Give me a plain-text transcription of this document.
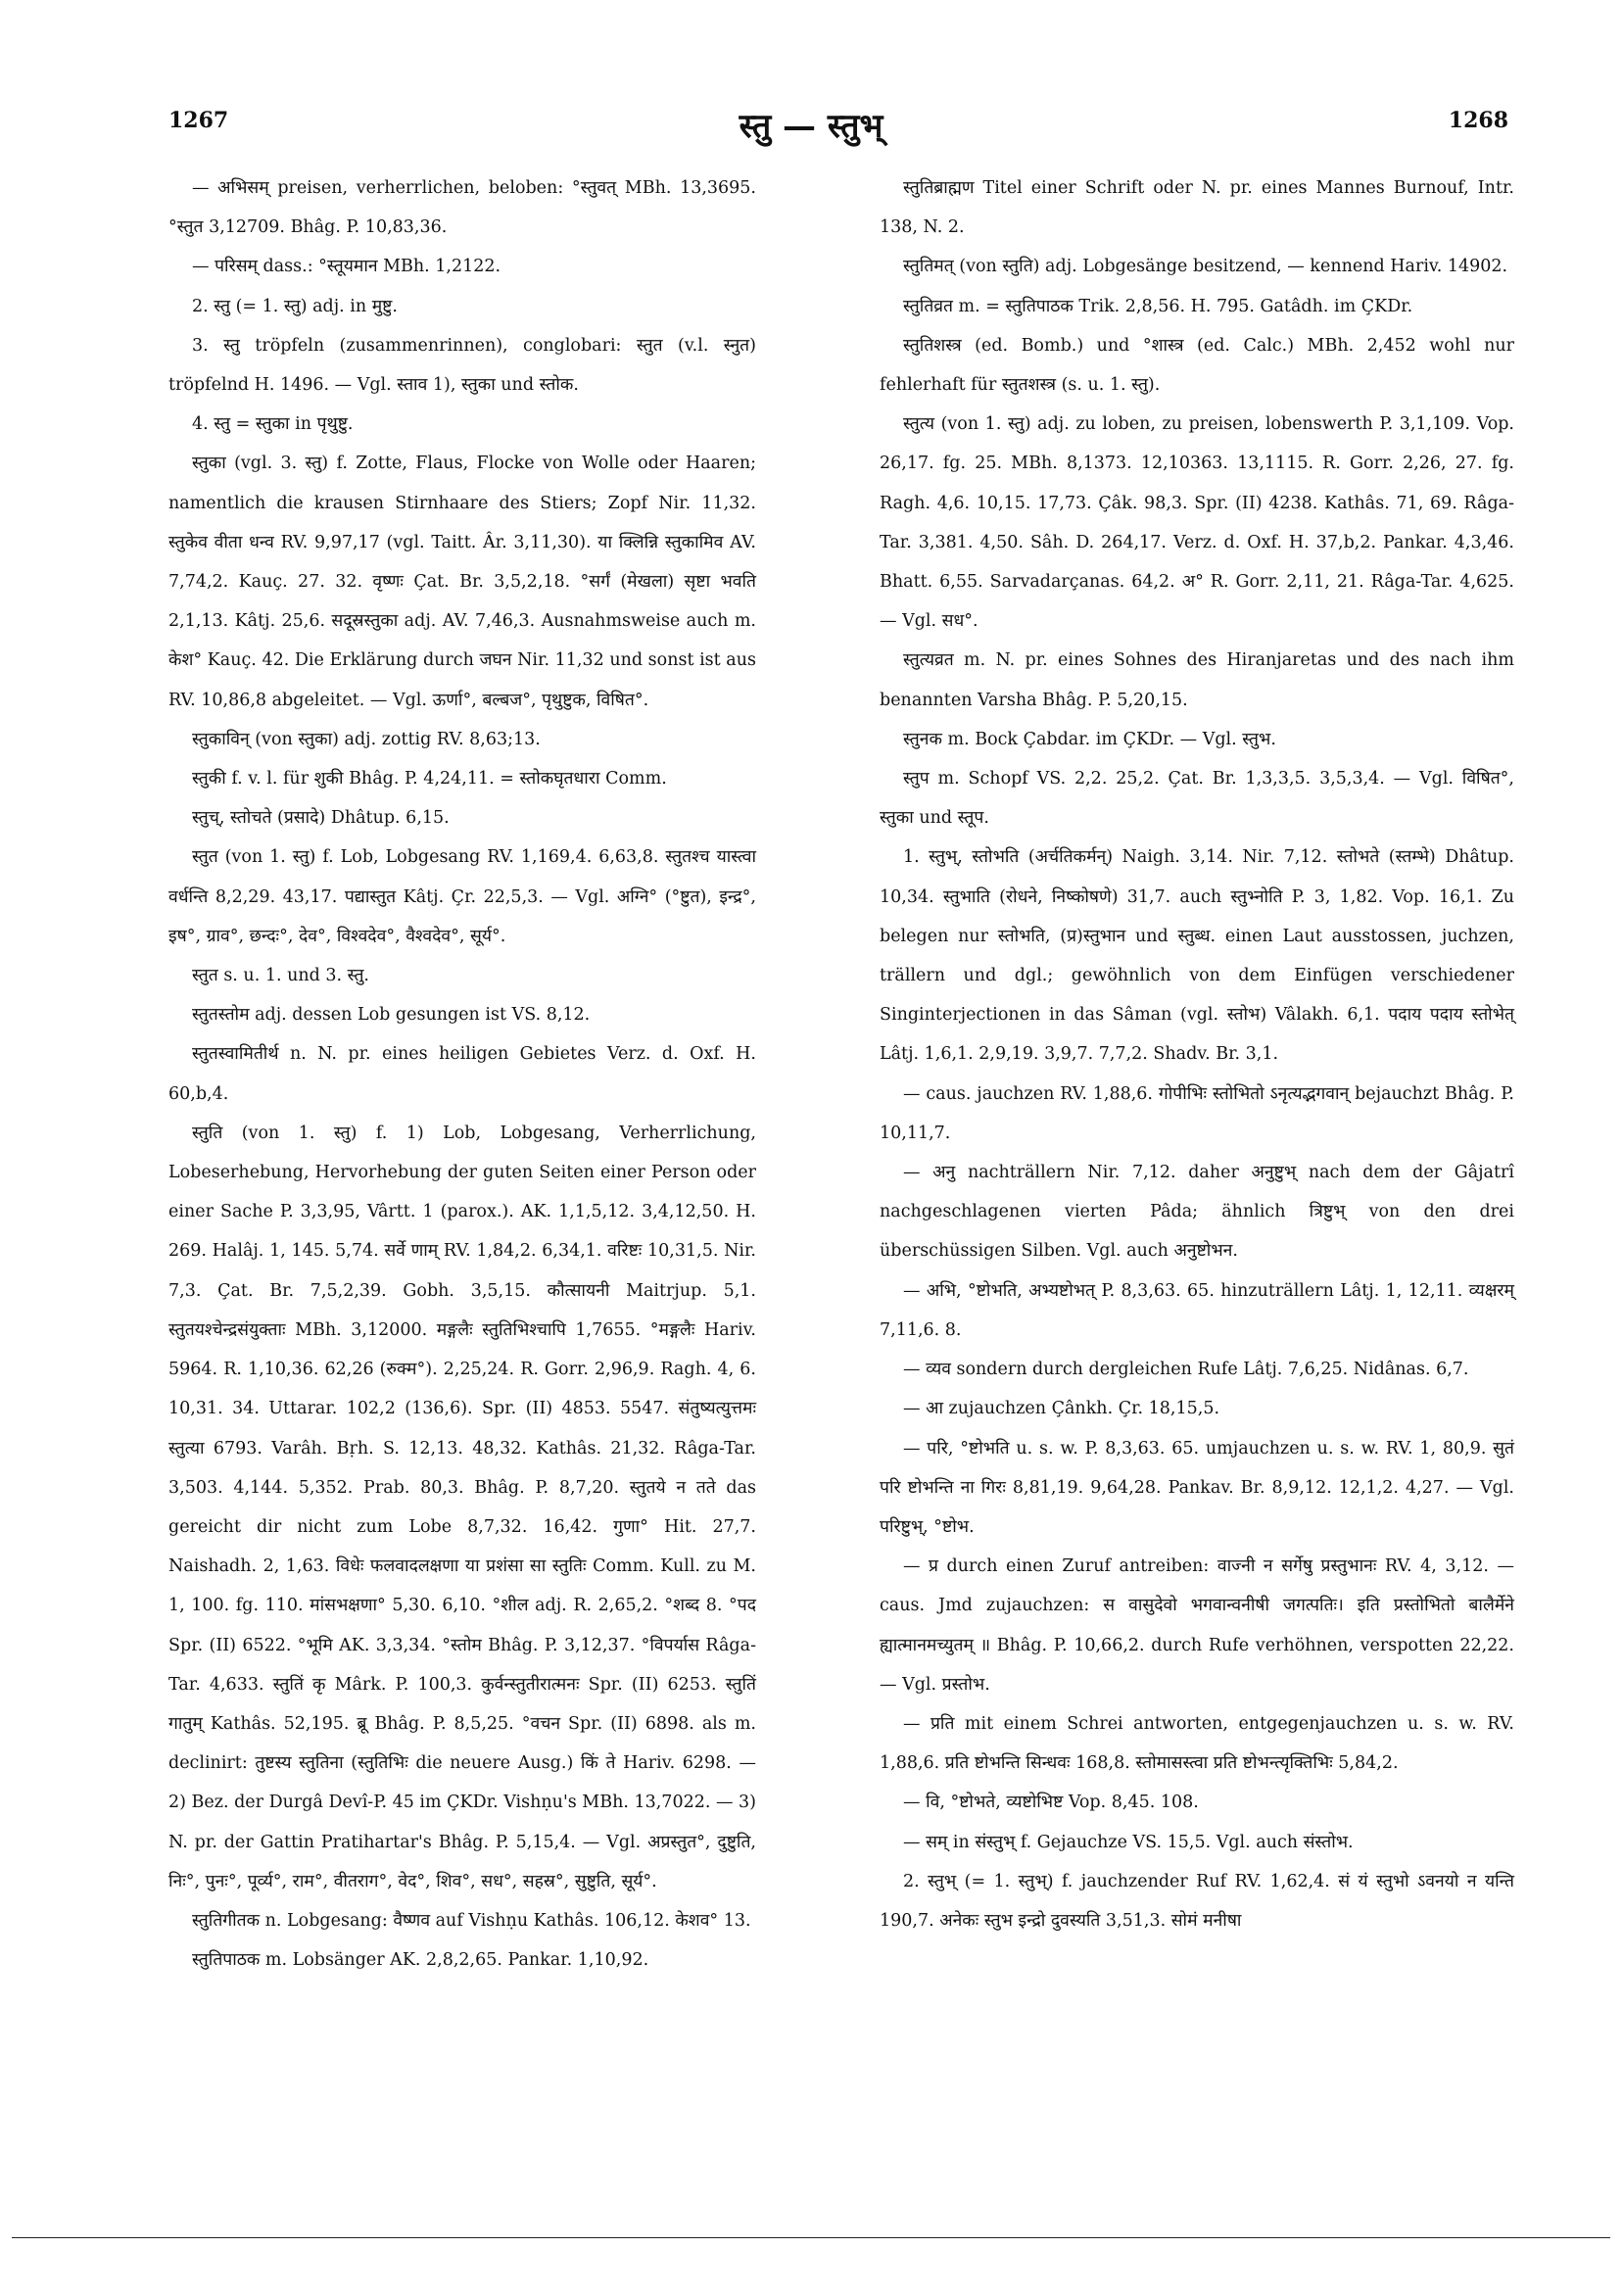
1267	स्तु — स्तुभ्	1268

— अभिसम् preisen, verherrlichen, beloben: °स्तुवत् MBh. 13,3695. °स्तुत 3,12709. Bhâg. P. 10,83,36.

— परिसम् dass.: °स्तूयमान MBh. 1,2122.

2. स्तु (= 1. स्तु) adj. in मुष्टु.

3. स्तु tröpfeln (zusammenrinnen), conglobari: स्तुत (v.l. स्नुत) tröpfelnd H. 1496. — Vgl. स्ताव 1), स्तुका und स्तोक.

4. स्तु = स्तुका in पृथुष्टु.

स्तुका (vgl. 3. स्तु) f. Zotte, Flaus, Flocke von Wolle oder Haaren; namentlich die krausen Stirnhaare des Stiers; Zopf Nir. 11,32. स्तुकेव वीता धन्व RV. 9,97,17 (vgl. Taitt. Âr. 3,11,30). या क्लिन्नि स्तुकामिव AV. 7,74,2. Kauç. 27. 32. वृष्णः Çat. Br. 3,5,2,18. °सर्गं (मेखला) सृष्टा भवति 2,1,13. Kâtj. 25,6. सदूस्रस्तुका adj. AV. 7,46,3. Ausnahmsweise auch m. केश° Kauç. 42. Die Erklärung durch जघन Nir. 11,32 und sonst ist aus RV. 10,86,8 abgeleitet. — Vgl. ऊर्णा°, बल्बज°, पृथुष्टुक, विषित°.

स्तुकाविन् (von स्तुका) adj. zottig RV. 8,63;13.

स्तुकी f. v. l. für शुकी Bhâg. P. 4,24,11. = स्तोकघृतधारा Comm.

स्तुच्, स्तोचते (प्रसादे) Dhâtup. 6,15.

स्तुत (von 1. स्तु) f. Lob, Lobgesang RV. 1,169,4. 6,63,8. स्तुतश्च यास्त्वा वर्धन्ति 8,2,29. 43,17. पद्यास्तुत Kâtj. Çr. 22,5,3. — Vgl. अग्नि° (°ष्टुत), इन्द्र°, इष°, ग्राव°, छन्दः°, देव°, विश्वदेव°, वैश्वदेव°, सूर्य°.

स्तुत s. u. 1. und 3. स्तु.

स्तुतस्तोम adj. dessen Lob gesungen ist VS. 8,12.

स्तुतस्वामितीर्थ n. N. pr. eines heiligen Gebietes Verz. d. Oxf. H. 60,b,4.

स्तुति (von 1. स्तु) f. 1) Lob, Lobgesang, Verherrlichung, Lobeserhebung, Hervorhebung der guten Seiten einer Person oder einer Sache P. 3,3,95, Vârtt. 1 (parox.). AK. 1,1,5,12. 3,4,12,50. H. 269. Halâj. 1, 145. 5,74. सर्वे णाम् RV. 1,84,2. 6,34,1. वरिष्टः 10,31,5. Nir. 7,3. Çat. Br. 7,5,2,39. Gobh. 3,5,15. कौत्सायनी Maitrjup. 5,1. स्तुतयश्चेन्द्रसंयुक्ताः MBh. 3,12000. मङ्गलैः स्तुतिभिश्चापि 1,7655. °मङ्गलैः Hariv. 5964. R. 1,10,36. 62,26 (रुक्म°). 2,25,24. R. Gorr. 2,96,9. Ragh. 4, 6. 10,31. 34. Uttarar. 102,2 (136,6). Spr. (II) 4853. 5547. संतुष्यत्युत्तमः स्तुत्या 6793. Varâh. Bṛh. S. 12,13. 48,32. Kathâs. 21,32. Râga-Tar. 3,503. 4,144. 5,352. Prab. 80,3. Bhâg. P. 8,7,20. स्तुतये न तते das gereicht dir nicht zum Lobe 8,7,32. 16,42. गुणा° Hit. 27,7. Naishadh. 2, 1,63. विधेः फलवादलक्षणा या प्रशंसा सा स्तुतिः Comm. Kull. zu M. 1, 100. fg. 110. मांसभक्षणा° 5,30. 6,10. °शील adj. R. 2,65,2. °शब्द 8. °पद Spr. (II) 6522. °भूमि AK. 3,3,34. °स्तोम Bhâg. P. 3,12,37. °विपर्यास Râga-Tar. 4,633. स्तुतिं कृ Mârk. P. 100,3. कुर्वन्स्तुतीरात्मनः Spr. (II) 6253. स्तुतिं गातुम् Kathâs. 52,195. ब्रू Bhâg. P. 8,5,25. °वचन Spr. (II) 6898. als m. declinirt: तुष्टस्य स्तुतिना (स्तुतिभिः die neuere Ausg.) किं ते Hariv. 6298. — 2) Bez. der Durgâ Devî-P. 45 im ÇKDr. Vishṇu's MBh. 13,7022. — 3) N. pr. der Gattin Pratihartar's Bhâg. P. 5,15,4. — Vgl. अप्रस्तुत°, दुष्टुति, निः°, पुनः°, पूर्व्य°, राम°, वीतराग°, वेद°, शिव°, सध°, सहस्र°, सुष्टुति, सूर्य°.

स्तुतिगीतक n. Lobgesang: वैष्णव auf Vishṇu Kathâs. 106,12. केशव° 13.

स्तुतिपाठक m. Lobsänger AK. 2,8,2,65. Pankar. 1,10,92.

स्तुतिब्राह्मण Titel einer Schrift oder N. pr. eines Mannes Burnouf, Intr. 138, N. 2.

स्तुतिमत् (von स्तुति) adj. Lobgesänge besitzend, — kennend Hariv. 14902.

स्तुतिव्रत m. = स्तुतिपाठक Trik. 2,8,56. H. 795. Gatâdh. im ÇKDr.

स्तुतिशस्त्र (ed. Bomb.) und °शास्त्र (ed. Calc.) MBh. 2,452 wohl nur fehlerhaft für स्तुतशस्त्र (s. u. 1. स्तु).

स्तुत्य (von 1. स्तु) adj. zu loben, zu preisen, lobenswerth P. 3,1,109. Vop. 26,17. fg. 25. MBh. 8,1373. 12,10363. 13,1115. R. Gorr. 2,26, 27. fg. Ragh. 4,6. 10,15. 17,73. Çâk. 98,3. Spr. (II) 4238. Kathâs. 71, 69. Râga-Tar. 3,381. 4,50. Sâh. D. 264,17. Verz. d. Oxf. H. 37,b,2. Pankar. 4,3,46. Bhatt. 6,55. Sarvadarçanas. 64,2. अ° R. Gorr. 2,11, 21. Râga-Tar. 4,625. — Vgl. सध°.

स्तुत्यव्रत m. N. pr. eines Sohnes des Hiranjaretas und des nach ihm benannten Varsha Bhâg. P. 5,20,15.

स्तुनक m. Bock Çabdar. im ÇKDr. — Vgl. स्तुभ.

स्तुप m. Schopf VS. 2,2. 25,2. Çat. Br. 1,3,3,5. 3,5,3,4. — Vgl. विषित°, स्तुका und स्तूप.

1. स्तुभ्, स्तोभति (अर्चतिकर्मन्) Naigh. 3,14. Nir. 7,12. स्तोभते (स्तम्भे) Dhâtup. 10,34. स्तुभाति (रोधने, निष्कोषणे) 31,7. auch स्तुभ्नोति P. 3, 1,82. Vop. 16,1. Zu belegen nur स्तोभति, (प्र)स्तुभान und स्तुब्ध. einen Laut ausstossen, juchzen, trällern und dgl.; gewöhnlich von dem Einfügen verschiedener Singinterjectionen in das Sâman (vgl. स्तोभ) Vâlakh. 6,1. पदाय पदाय स्तोभेत् Lâtj. 1,6,1. 2,9,19. 3,9,7. 7,7,2. Shadv. Br. 3,1.

— caus. jauchzen RV. 1,88,6. गोपीभिः स्तोभितो ऽनृत्यद्भगवान् bejauchzt Bhâg. P. 10,11,7.

— अनु nachträllern Nir. 7,12. daher अनुष्टुभ् nach dem der Gâjatrî nachgeschlagenen vierten Pâda; ähnlich त्रिष्टुभ् von den drei überschüssigen Silben. Vgl. auch अनुष्टोभन.

— अभि, °ष्टोभति, अभ्यष्टोभत् P. 8,3,63. 65. hinzuträllern Lâtj. 1, 12,11. व्यक्षरम् 7,11,6. 8.

— व्यव sondern durch dergleichen Rufe Lâtj. 7,6,25. Nidânas. 6,7.

— आ zujauchzen Çânkh. Çr. 18,15,5.

— परि, °ष्टोभति u. s. w. P. 8,3,63. 65. umjauchzen u. s. w. RV. 1, 80,9. सुतं परि ष्टोभन्ति ना गिरः 8,81,19. 9,64,28. Pankav. Br. 8,9,12. 12,1,2. 4,27. — Vgl. परिष्टुभ्, °ष्टोभ.

— प्र durch einen Zuruf antreiben: वाज्नी न सर्गेषु प्रस्तुभानः RV. 4, 3,12. — caus. Jmd zujauchzen: स वासुदेवो भगवान्वनीषी जगत्पतिः। इति प्रस्तोभितो बालैर्मेने ह्यात्मानमच्युतम् ॥ Bhâg. P. 10,66,2. durch Rufe verhöhnen, verspotten 22,22. — Vgl. प्रस्तोभ.

— प्रति mit einem Schrei antworten, entgegenjauchzen u. s. w. RV. 1,88,6. प्रति ष्टोभन्ति सिन्धवः 168,8. स्तोमासस्त्वा प्रति ष्टोभन्त्यृक्तिभिः 5,84,2.

— वि, °ष्टोभते, व्यष्टोभिष्ट Vop. 8,45. 108.

— सम् in संस्तुभ् f. Gejauchze VS. 15,5. Vgl. auch संस्तोभ.

2. स्तुभ् (= 1. स्तुभ्) f. jauchzender Ruf RV. 1,62,4. सं यं स्तुभो ऽवनयो न यन्ति 190,7. अनेकः स्तुभ इन्द्रो दुवस्यति 3,51,3. सोमं मनीषा
